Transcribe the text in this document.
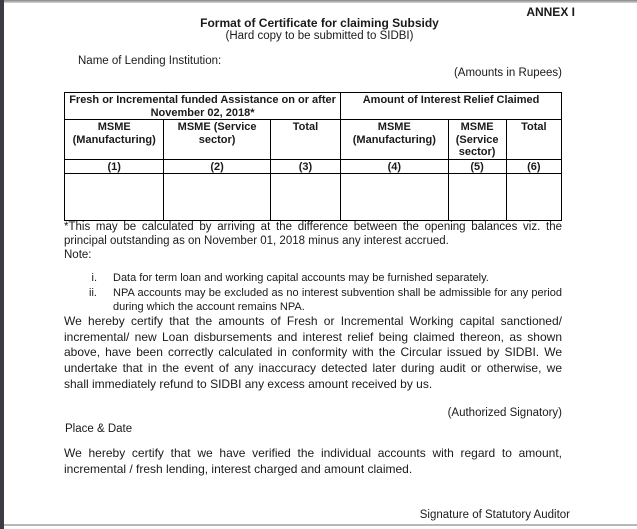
ANNEX I
Format of Certificate for claiming Subsidy
(Hard copy to be submitted to SIDBI)
Name of Lending Institution:
(Amounts in Rupees)
Fresh or Incremental funded Assistance on or after November 02, 2018*			Amount of Interest Relief Claimed		
MSME (Manufacturing)	MSME (Service sector)	Total	MSME (Manufacturing)	MSME (Service sector)	Total
(1)	(2)	(3)	(4)	(5)	(6)

*This may be calculated by arriving at the difference between the opening balances viz. the principal outstanding as on November 01, 2018 minus any interest accrued.
Note:
i. Data for term loan and working capital accounts may be furnished separately.
ii. NPA accounts may be excluded as no interest subvention shall be admissible for any period during which the account remains NPA.
We hereby certify that the amounts of Fresh or Incremental Working capital sanctioned/ incremental/ new Loan disbursements and interest relief being claimed thereon, as shown above, have been correctly calculated in conformity with the Circular issued by SIDBI. We undertake that in the event of any inaccuracy detected later during audit or otherwise, we shall immediately refund to SIDBI any excess amount received by us.
(Authorized Signatory)
Place & Date
We hereby certify that we have verified the individual accounts with regard to amount, incremental / fresh lending, interest charged and amount claimed.
Signature of Statutory Auditor
